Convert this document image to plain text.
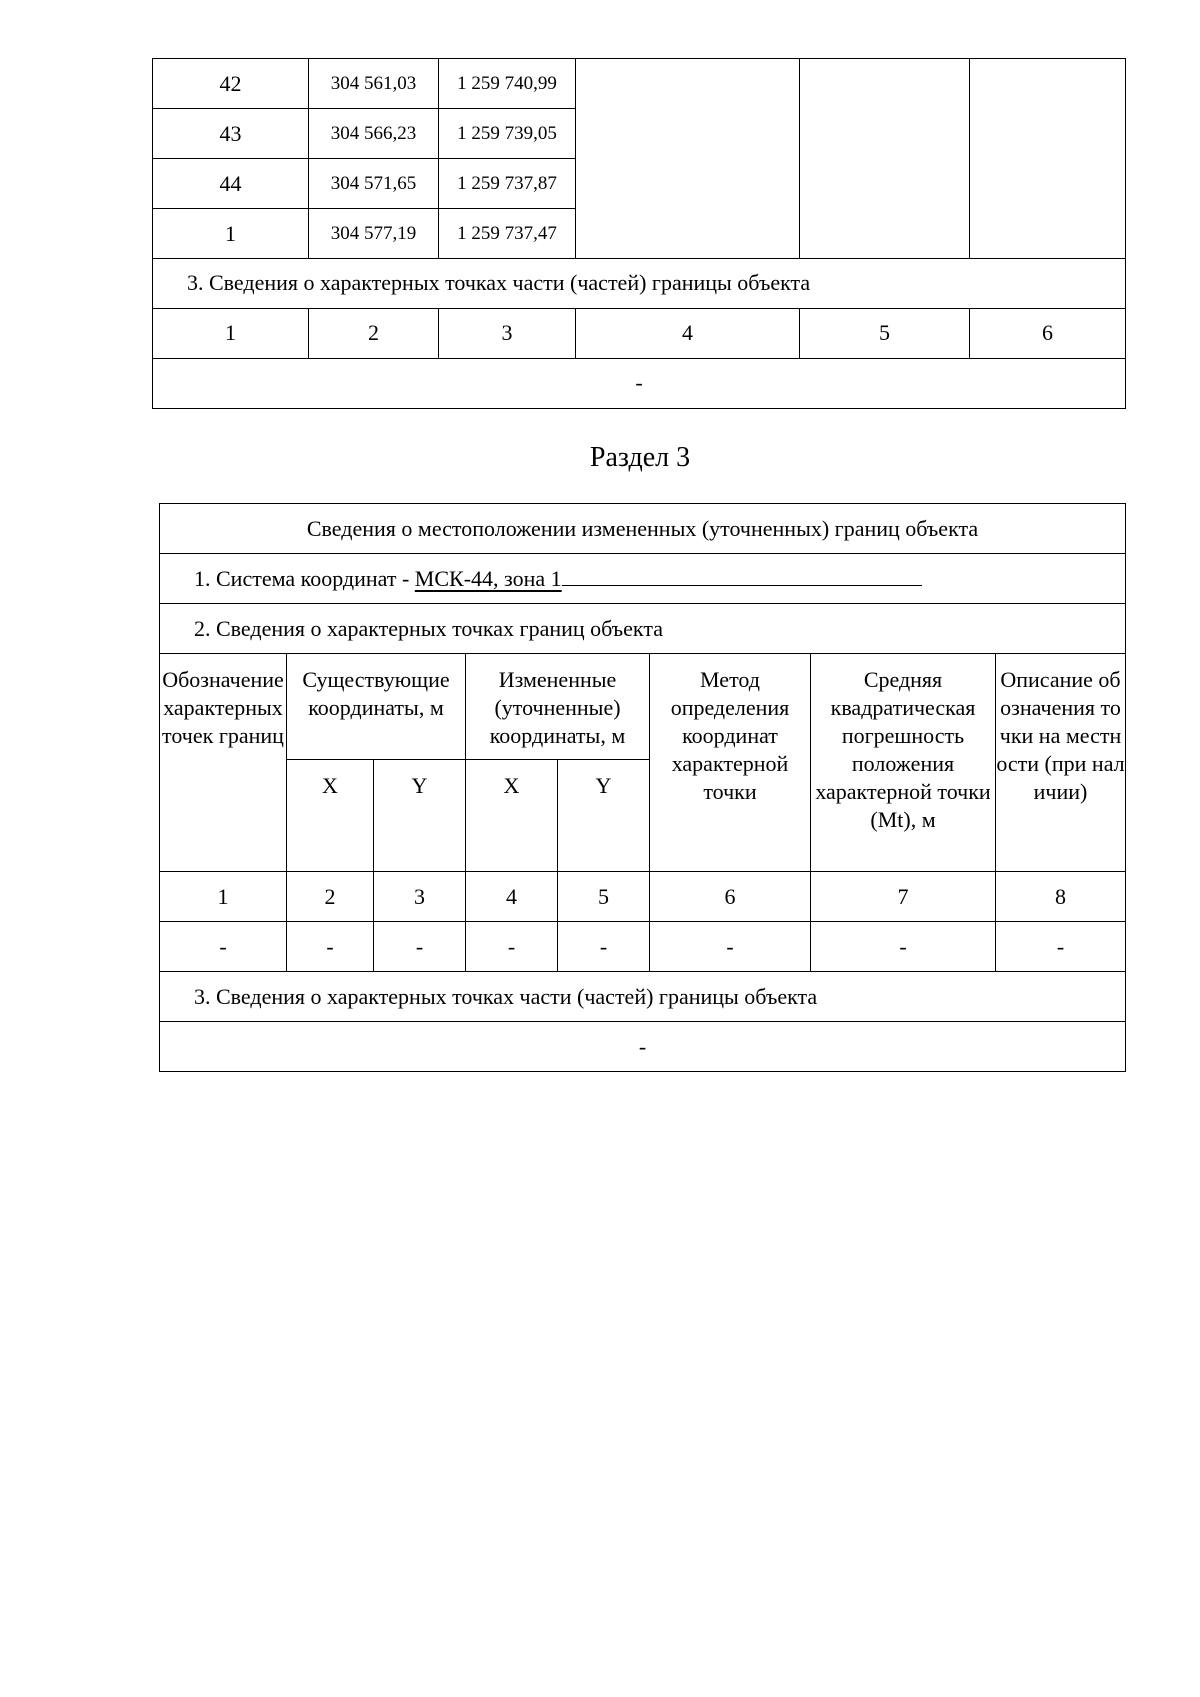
42	304 561,03	1 259 740,99			
43	304 566,23	1 259 739,05			
44	304 571,65	1 259 737,87			
1	304 577,19	1 259 737,47			
3. Сведения о характерных точках части (частей) границы объекта
1	2	3	4	5	6
-
Раздел 3
Сведения о местоположении измененных (уточненных) границ объекта							
1. Система координат - МСК-44, зона 1							
2. Сведения о характерных точках границ объекта							
Обозначение характерных точек границ	Существующие координаты, м		Измененные (уточненные) координаты, м		Метод определения координат характерной точки	Средняя квадратическая погрешность положения характерной точки (Mt), м	Описание обозначения точки на местности (при наличии)
	X	Y	X	Y			
1	2	3	4	5	6	7	8
-	-	-	-	-	-	-	-
3. Сведения о характерных точках части (частей) границы объекта							
-							
